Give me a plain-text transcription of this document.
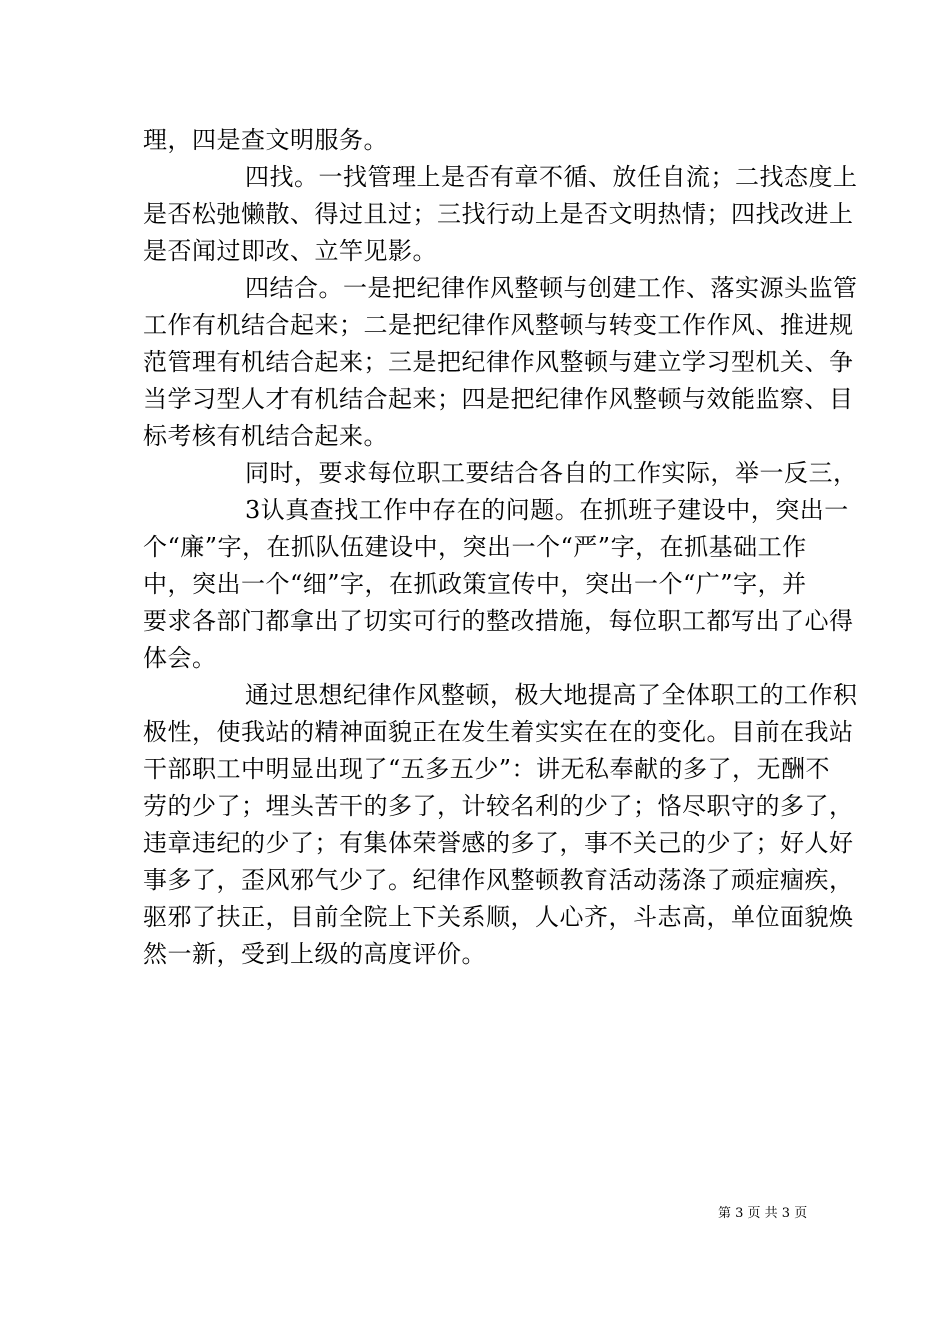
理，四是查文明服务。
四找。一找管理上是否有章不循、放任自流；二找态度上
是否松弛懒散、得过且过；三找行动上是否文明热情；四找改进上
是否闻过即改、立竿见影。
四结合。一是把纪律作风整顿与创建工作、落实源头监管
工作有机结合起来；二是把纪律作风整顿与转变工作作风、推进规
范管理有机结合起来；三是把纪律作风整顿与建立学习型机关、争
当学习型人才有机结合起来；四是把纪律作风整顿与效能监察、目
标考核有机结合起来。
同时，要求每位职工要结合各自的工作实际，举一反三，
3认真查找工作中存在的问题。在抓班子建设中，突出一
个“廉”字，在抓队伍建设中，突出一个“严”字，在抓基础工作
中，突出一个“细”字，在抓政策宣传中，突出一个“广”字，并
要求各部门都拿出了切实可行的整改措施，每位职工都写出了心得
体会。
通过思想纪律作风整顿，极大地提高了全体职工的工作积
极性，使我站的精神面貌正在发生着实实在在的变化。目前在我站
干部职工中明显出现了“五多五少”：讲无私奉献的多了，无酬不
劳的少了；埋头苦干的多了，计较名利的少了；恪尽职守的多了，
违章违纪的少了；有集体荣誉感的多了，事不关己的少了；好人好
事多了，歪风邪气少了。纪律作风整顿教育活动荡涤了顽症痼疾，
驱邪了扶正，目前全院上下关系顺，人心齐，斗志高，单位面貌焕
然一新，受到上级的高度评价。
第 3 页 共 3 页
